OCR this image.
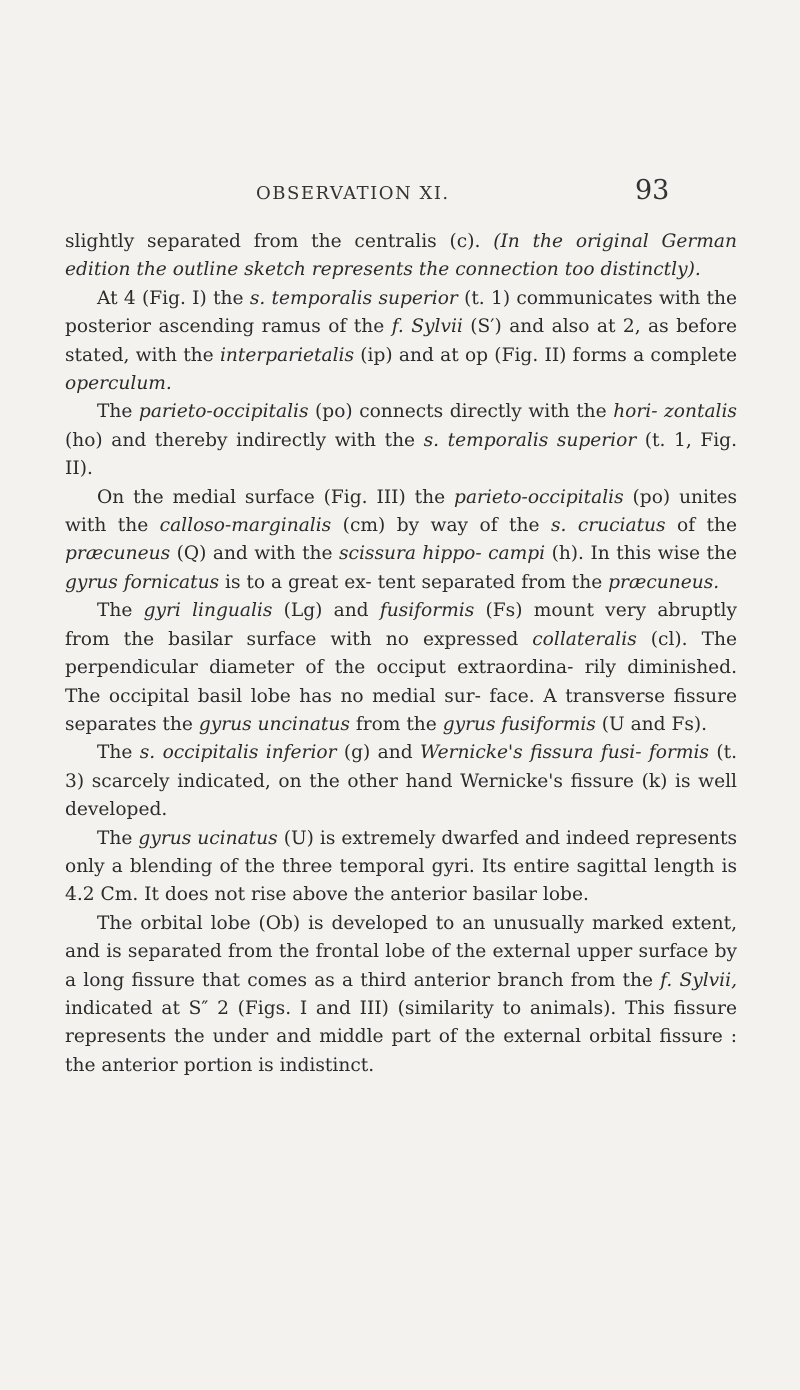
OBSERVATION XI.	93

slightly separated from the centralis (c). (In the original German edition the outline sketch represents the connection too distinctly).

At 4 (Fig. I) the s. temporalis superior (t. 1) communicates with the posterior ascending ramus of the f. Sylvii (S′) and also at 2, as before stated, with the interparietalis (ip) and at op (Fig. II) forms a complete operculum.

The parieto-occipitalis (po) connects directly with the hori- zontalis (ho) and thereby indirectly with the s. temporalis superior (t. 1, Fig. II).

On the medial surface (Fig. III) the parieto-occipitalis (po) unites with the calloso-marginalis (cm) by way of the s. cruciatus of the præcuneus (Q) and with the scissura hippo- campi (h). In this wise the gyrus fornicatus is to a great ex- tent separated from the præcuneus.

The gyri lingualis (Lg) and fusiformis (Fs) mount very abruptly from the basilar surface with no expressed collateralis (cl). The perpendicular diameter of the occiput extraordina- rily diminished. The occipital basil lobe has no medial sur- face. A transverse fissure separates the gyrus uncinatus from the gyrus fusiformis (U and Fs).

The s. occipitalis inferior (g) and Wernicke's fissura fusi- formis (t. 3) scarcely indicated, on the other hand Wernicke's fissure (k) is well developed.

The gyrus ucinatus (U) is extremely dwarfed and indeed represents only a blending of the three temporal gyri. Its entire sagittal length is 4.2 Cm. It does not rise above the anterior basilar lobe.

The orbital lobe (Ob) is developed to an unusually marked extent, and is separated from the frontal lobe of the external upper surface by a long fissure that comes as a third anterior branch from the f. Sylvii, indicated at S″ 2 (Figs. I and III) (similarity to animals). This fissure represents the under and middle part of the external orbital fissure : the anterior portion is indistinct.
